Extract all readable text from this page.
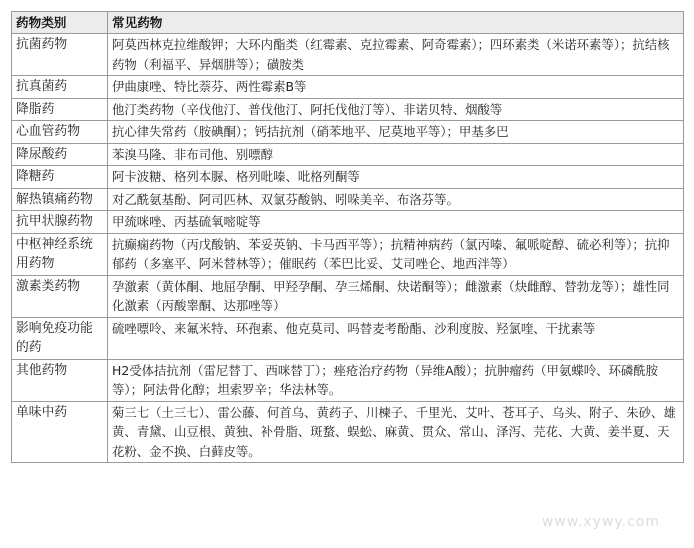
药物类别	常见药物
抗菌药物	阿莫西林克拉维酸钾；大环内酯类（红霉素、克拉霉素、阿奇霉素）；四环素类（米诺环素等）；抗结核药物（利福平、异烟肼等）；磺胺类
抗真菌药	伊曲康唑、特比萘芬、两性霉素B等
降脂药	他汀类药物（辛伐他汀、普伐他汀、阿托伐他汀等）、非诺贝特、烟酸等
心血管药物	抗心律失常药（胺碘酮）；钙拮抗剂（硝苯地平、尼莫地平等）；甲基多巴
降尿酸药	苯溴马隆、非布司他、别嘌醇
降糖药	阿卡波糖、格列本脲、格列吡嗪、吡格列酮等
解热镇痛药物	对乙酰氨基酚、阿司匹林、双氯芬酸钠、吲哚美辛、布洛芬等。
抗甲状腺药物	甲巯咪唑、丙基硫氧嘧啶等
中枢神经系统用药物	抗癫痫药物（丙戊酸钠、苯妥英钠、卡马西平等）；抗精神病药（氯丙嗪、氟哌啶醇、硫必利等）；抗抑郁药（多塞平、阿米替林等）；催眠药（苯巴比妥、艾司唑仑、地西泮等）
激素类药物	孕激素（黄体酮、地屈孕酮、甲羟孕酮、孕三烯酮、炔诺酮等）；雌激素（炔雌醇、替勃龙等）；雄性同化激素（丙酸睾酮、达那唑等）
影响免疫功能的药	硫唑嘌呤、来氟米特、环孢素、他克莫司、吗替麦考酚酯、沙利度胺、羟氯喹、干扰素等
其他药物	H2受体拮抗剂（雷尼替丁、西咪替丁）；痤疮治疗药物（异维A酸）；抗肿瘤药（甲氨蝶呤、环磷酰胺等）；阿法骨化醇；坦索罗辛；华法林等。
单味中药	菊三七（土三七）、雷公藤、何首乌、黄药子、川楝子、千里光、艾叶、苍耳子、乌头、附子、朱砂、雄黄、青黛、山豆根、黄独、补骨脂、斑蝥、蜈蚣、麻黄、贯众、常山、泽泻、芫花、大黄、姜半夏、天花粉、金不换、白藓皮等。
www.xywy.com
